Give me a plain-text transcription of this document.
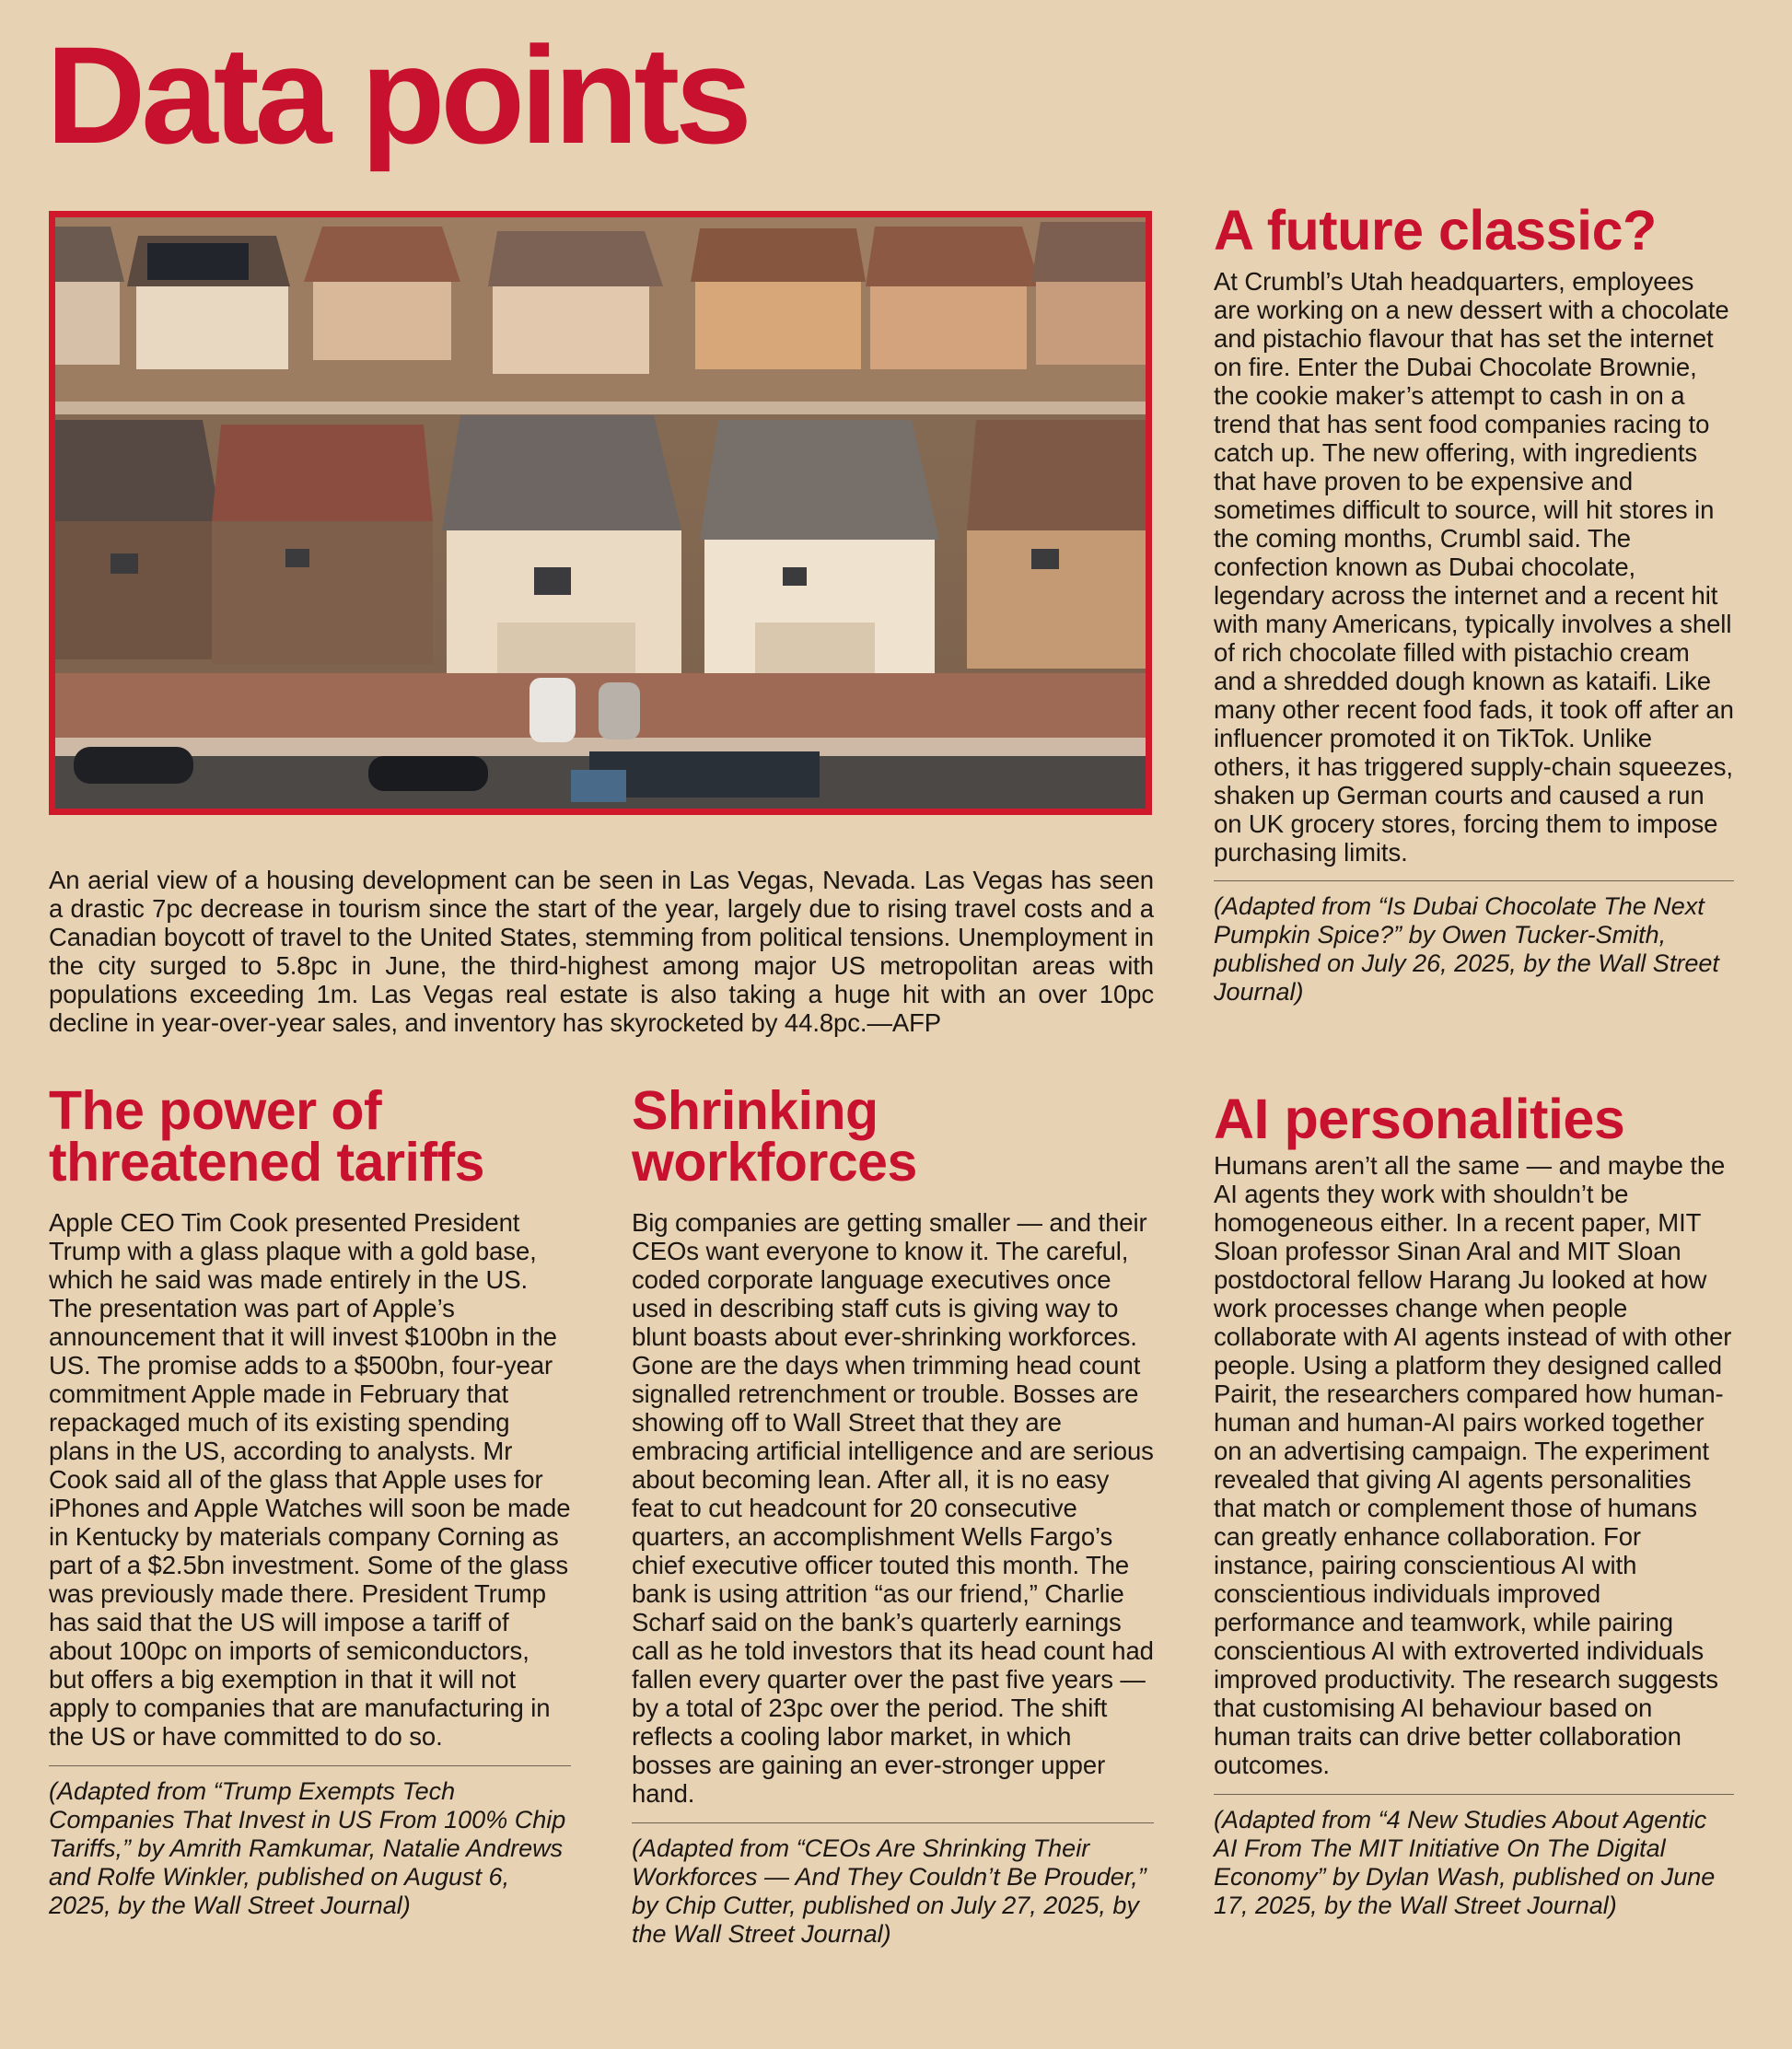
Data points

An aerial view of a housing development can be seen in Las Vegas, Nevada. Las Vegas has seen a drastic 7pc decrease in tourism since the start of the year, largely due to rising travel costs and a Canadian boycott of travel to the United States, stemming from political tensions. Unemployment in the city surged to 5.8pc in June, the third-highest among major US metropolitan areas with populations exceeding 1m. Las Vegas real estate is also taking a huge hit with an over 10pc decline in year-over-year sales, and inventory has skyrocketed by 44.8pc.—AFP

A future classic?

At Crumbl’s Utah headquarters, employees are working on a new dessert with a chocolate and pistachio flavour that has set the internet on fire. Enter the Dubai Chocolate Brownie, the cookie maker’s attempt to cash in on a trend that has sent food companies racing to catch up. The new offering, with ingredients that have proven to be expensive and sometimes difficult to source, will hit stores in the coming months, Crumbl said. The confection known as Dubai chocolate, legendary across the internet and a recent hit with many Americans, typically involves a shell of rich chocolate filled with pistachio cream and a shredded dough known as kataifi. Like many other recent food fads, it took off after an influencer promoted it on TikTok. Unlike others, it has triggered supply-chain squeezes, shaken up German courts and caused a run on UK grocery stores, forcing them to impose purchasing limits.

(Adapted from “Is Dubai Chocolate The Next Pumpkin Spice?” by Owen Tucker-Smith, published on July 26, 2025, by the Wall Street Journal)

AI personalities

Humans aren’t all the same — and maybe the AI agents they work with shouldn’t be homogeneous either. In a recent paper, MIT Sloan professor Sinan Aral and MIT Sloan postdoctoral fellow Harang Ju looked at how work processes change when people collaborate with AI agents instead of with other people. Using a platform they designed called Pairit, the researchers compared how human-human and human-AI pairs worked together on an advertising campaign. The experiment revealed that giving AI agents personalities that match or complement those of humans can greatly enhance collaboration. For instance, pairing conscientious AI with conscientious individuals improved performance and teamwork, while pairing conscientious AI with extroverted individuals improved productivity. The research suggests that customising AI behaviour based on human traits can drive better collaboration outcomes.

(Adapted from “4 New Studies About Agentic AI From The MIT Initiative On The Digital Economy” by Dylan Wash, published on June 17, 2025, by the Wall Street Journal)

The power of threatened tariffs

Apple CEO Tim Cook presented President Trump with a glass plaque with a gold base, which he said was made entirely in the US. The presentation was part of Apple’s announcement that it will invest $100bn in the US. The promise adds to a $500bn, four-year commitment Apple made in February that repackaged much of its existing spending plans in the US, according to analysts. Mr Cook said all of the glass that Apple uses for iPhones and Apple Watches will soon be made in Kentucky by materials company Corning as part of a $2.5bn investment. Some of the glass was previously made there. President Trump has said that the US will impose a tariff of about 100pc on imports of semiconductors, but offers a big exemption in that it will not apply to companies that are manufacturing in the US or have committed to do so.

(Adapted from “Trump Exempts Tech Companies That Invest in US From 100% Chip Tariffs,” by Amrith Ramkumar, Natalie Andrews and Rolfe Winkler, published on August 6, 2025, by the Wall Street Journal)

Shrinking workforces

Big companies are getting smaller — and their CEOs want everyone to know it. The careful, coded corporate language executives once used in describing staff cuts is giving way to blunt boasts about ever-shrinking workforces. Gone are the days when trimming head count signalled retrenchment or trouble. Bosses are showing off to Wall Street that they are embracing artificial intelligence and are serious about becoming lean. After all, it is no easy feat to cut headcount for 20 consecutive quarters, an accomplishment Wells Fargo’s chief executive officer touted this month. The bank is using attrition “as our friend,” Charlie Scharf said on the bank’s quarterly earnings call as he told investors that its head count had fallen every quarter over the past five years — by a total of 23pc over the period. The shift reflects a cooling labor market, in which bosses are gaining an ever-stronger upper hand.

(Adapted from “CEOs Are Shrinking Their Workforces — And They Couldn’t Be Prouder,” by Chip Cutter, published on July 27, 2025, by the Wall Street Journal)
